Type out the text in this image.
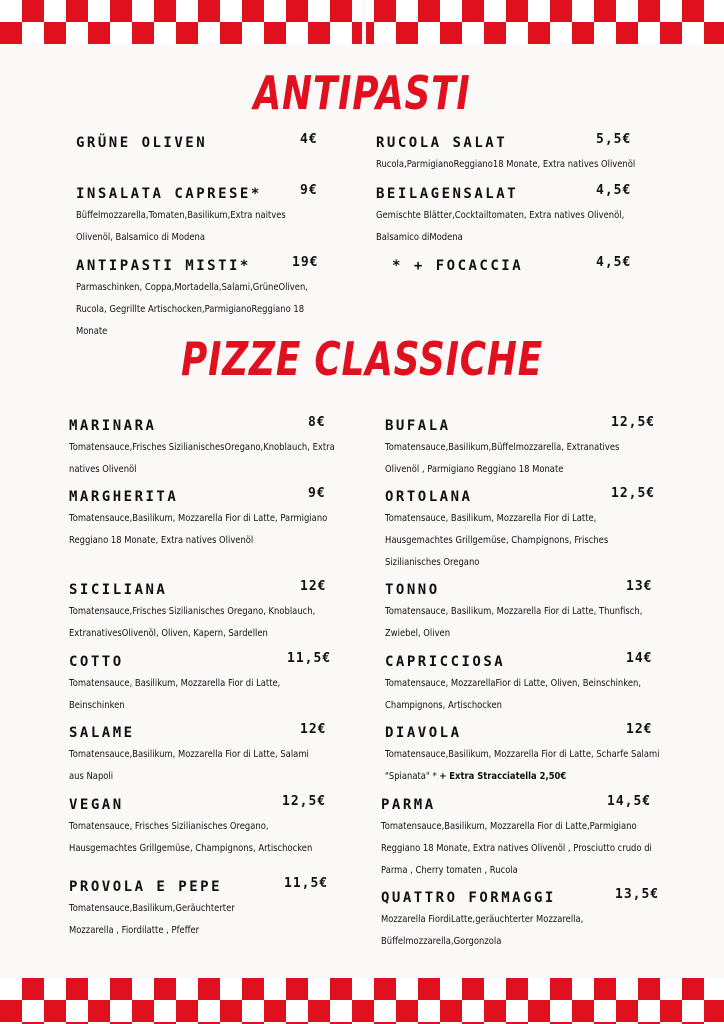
ANTIPASTI
GRÜNE OLIVEN	4€
INSALATA CAPRESE*	9€
Büffelmozzarella,Tomaten,Basilikum,Extra naitves Olivenöl, Balsamico di Modena
ANTIPASTI MISTI*	19€
Parmaschinken, Coppa,Mortadella,Salami,GrüneOliven, Rucola, Gegrillte Artischocken,ParmigianoReggiano 18 Monate
RUCOLA SALAT	5,5€
Rucola,ParmigianoReggiano18 Monate, Extra natives Olivenöl
BEILAGENSALAT	4,5€
Gemischte Blätter,Cocktailtomaten, Extra natives Olivenöl, Balsamico diModena
* + FOCACCIA	4,5€
PIZZE CLASSICHE
MARINARA	8€
Tomatensauce,Frisches SizilianischesOregano,Knoblauch, Extra natives Olivenöl
MARGHERITA	9€
Tomatensauce,Basilikum, Mozzarella Fior di Latte, Parmigiano Reggiano 18 Monate, Extra natives Olivenöl
SICILIANA	12€
Tomatensauce,Frisches Sizilianisches Oregano, Knoblauch, ExtranativesOlivenöl, Oliven, Kapern, Sardellen
COTTO	11,5€
Tomatensauce, Basilikum, Mozzarella Fior di Latte, Beinschinken
SALAME	12€
Tomatensauce,Basilikum, Mozzarella Fior di Latte, Salami aus Napoli
VEGAN	12,5€
Tomatensauce, Frisches Sizilianisches Oregano, Hausgemachtes Grillgemüse, Champignons, Artischocken
PROVOLA E PEPE	11,5€
Tomatensauce,Basilikum,Geräuchterter Mozzarella , Fiordilatte , Pfeffer
BUFALA	12,5€
Tomatensauce,Basilikum,Büffelmozzarella, Extranatives Olivenöl , Parmigiano Reggiano 18 Monate
ORTOLANA	12,5€
Tomatensauce, Basilikum, Mozzarella Fior di Latte, Hausgemachtes Grillgemüse, Champignons, Frisches Sizilianisches Oregano
TONNO	13€
Tomatensauce, Basilikum, Mozzarella Fior di Latte, Thunfisch, Zwiebel, Oliven
CAPRICCIOSA	14€
Tomatensauce, MozzarellaFior di Latte, Oliven, Beinschinken, Champignons, Artischocken
DIAVOLA	12€
Tomatensauce,Basilikum, Mozzarella Fior di Latte, Scharfe Salami "Spianata" * + Extra Stracciatella 2,50€
PARMA	14,5€
Tomatensauce,Basilikum, Mozzarella Fior di Latte,Parmigiano Reggiano 18 Monate, Extra natives Olivenöl , Prosciutto crudo di Parma , Cherry tomaten , Rucola
QUATTRO FORMAGGI	13,5€
Mozzarella FiordiLatte,geräuchterter Mozzarella, Büffelmozzarella,Gorgonzola
